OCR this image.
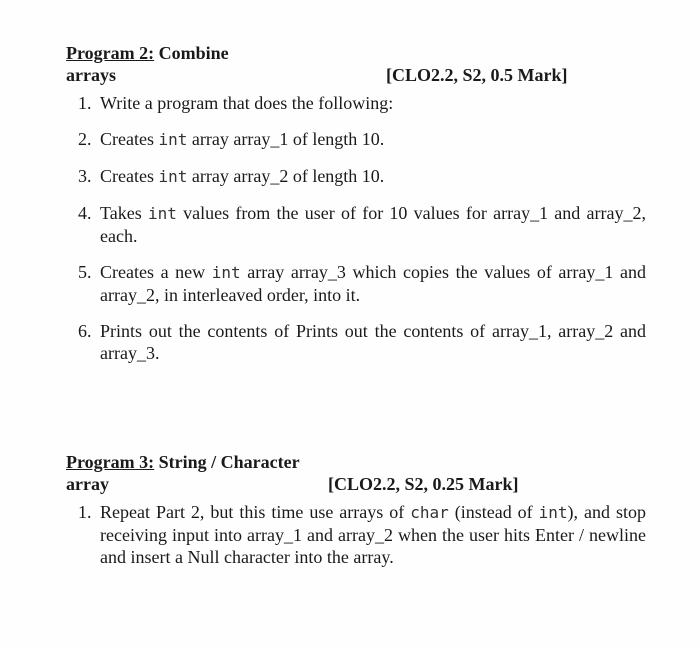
Program 2: Combine
arrays	[CLO2.2, S2, 0.5 Mark]
1. Write a program that does the following:
2. Creates int array array_1 of length 10.
3. Creates int array array_2 of length 10.
4. Takes int values from the user of for 10 values for array_1 and array_2, each.
5. Creates a new int array array_3 which copies the values of array_1 and array_2, in interleaved order, into it.
6. Prints out the contents of Prints out the contents of array_1, array_2 and array_3.
Program 3: String / Character
array	[CLO2.2, S2, 0.25 Mark]
1. Repeat Part 2, but this time use arrays of char (instead of int), and stop receiving input into array_1 and array_2 when the user hits Enter / newline and insert a Null character into the array.
